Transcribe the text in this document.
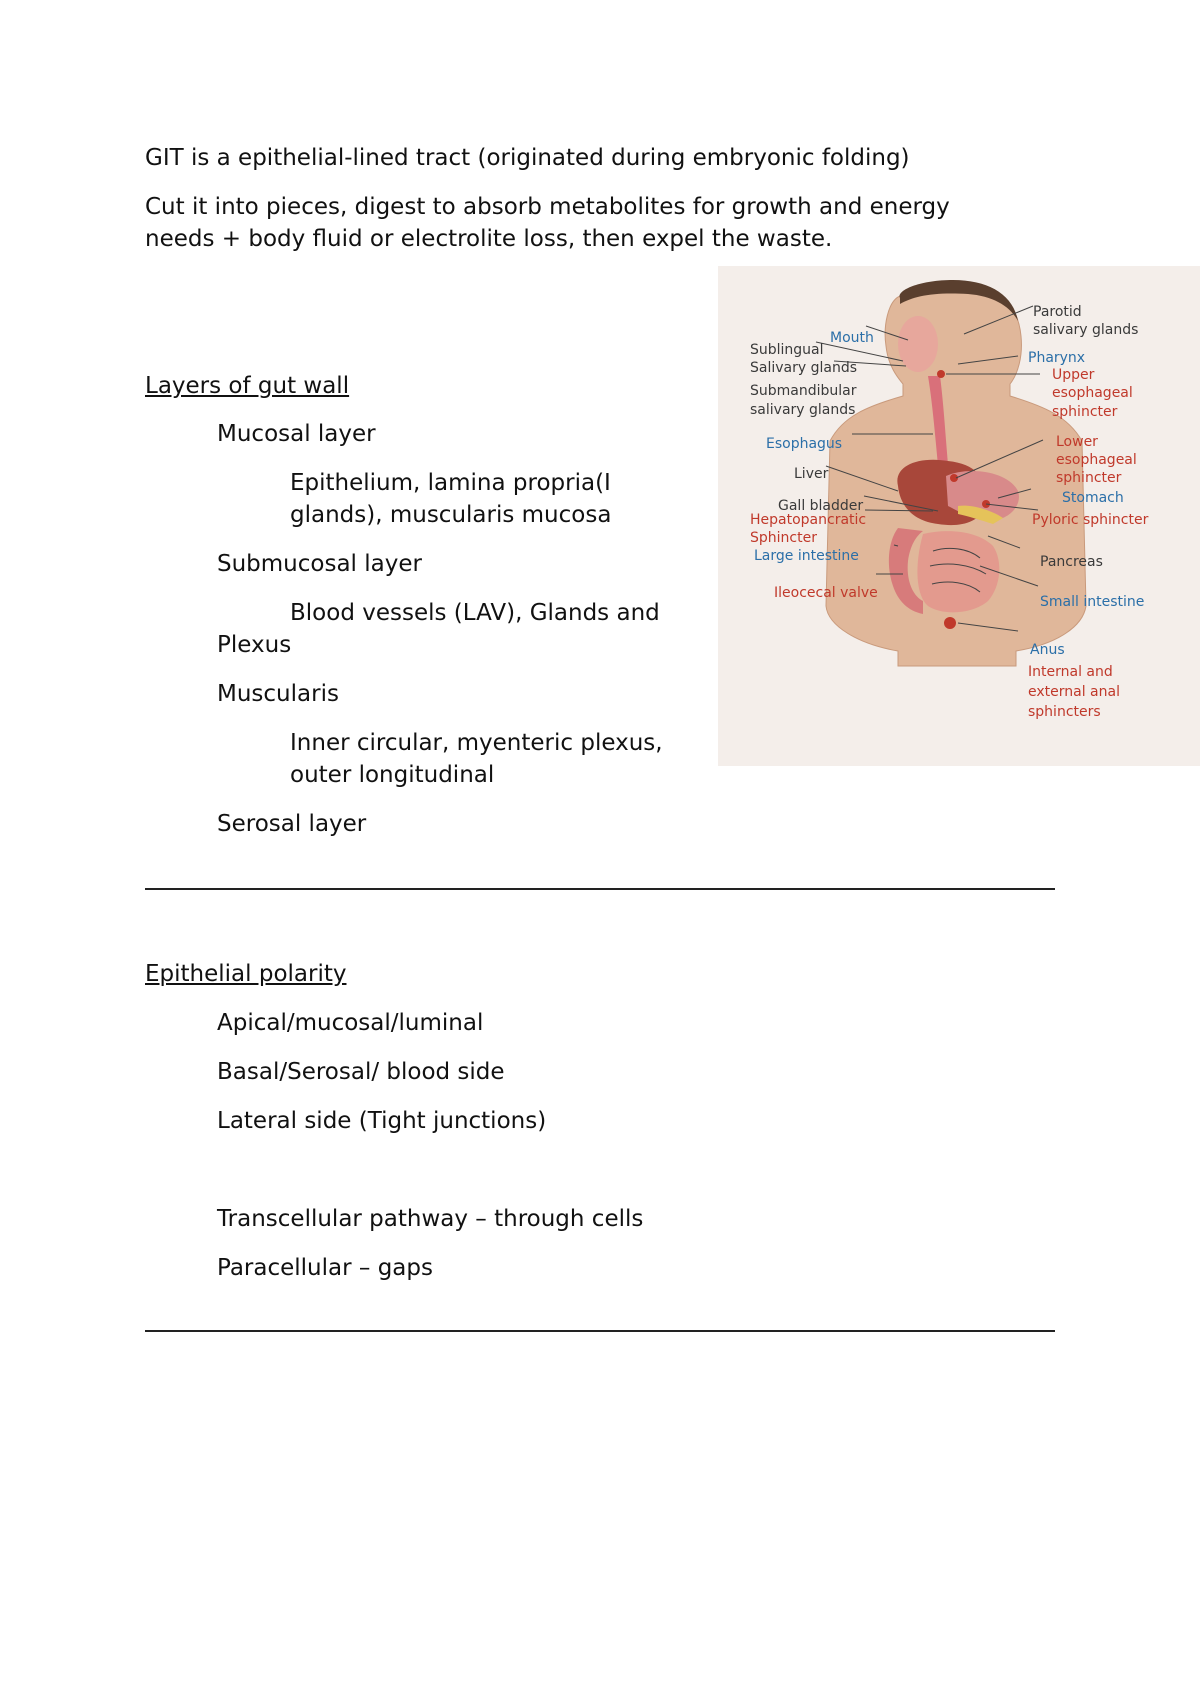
GIT is a epithelial-lined tract (originated during embryonic folding)
Cut it into pieces, digest to absorb metabolites for growth and energy
needs + body fluid or electrolite loss, then expel the waste.
Layers of gut wall
Mucosal layer
Epithelium, lamina propria(I
glands), muscularis mucosa
Submucosal layer
Blood vessels (LAV), Glands and
Plexus
Muscularis
Inner circular, myenteric plexus,
outer longitudinal
Serosal layer
Epithelial polarity
Apical/mucosal/luminal
Basal/Serosal/ blood side
Lateral side (Tight junctions)
Transcellular pathway – through cells
Paracellular – gaps
Parotid
salivary glands
Mouth
Sublingual
Salivary glands
Submandibular
salivary glands
Pharynx
Upper
esophageal
sphincter
Esophagus	Lower
esophageal
sphincter
Liver
Stomach
Gall bladder
Hepatopancratic
Sphincter
Pyloric sphincter
Large intestine	Pancreas
Ileocecal valve
Small intestine
Anus
Internal and
external anal
sphincters
